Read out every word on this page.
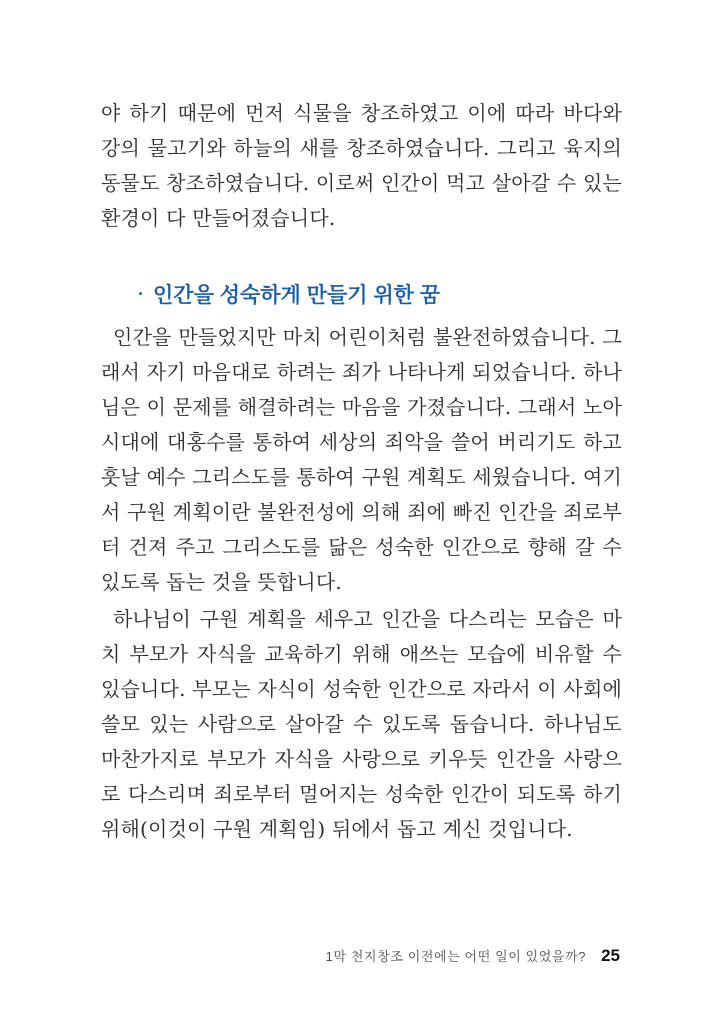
야 하기 때문에 먼저 식물을 창조하였고 이에 따라 바다와 강의 물고기와 하늘의 새를 창조하였습니다. 그리고 육지의 동물도 창조하였습니다. 이로써 인간이 먹고 살아갈 수 있는 환경이 다 만들어졌습니다.

· 인간을 성숙하게 만들기 위한 꿈

인간을 만들었지만 마치 어린이처럼 불완전하였습니다. 그래서 자기 마음대로 하려는 죄가 나타나게 되었습니다. 하나님은 이 문제를 해결하려는 마음을 가졌습니다. 그래서 노아 시대에 대홍수를 통하여 세상의 죄악을 쓸어 버리기도 하고 훗날 예수 그리스도를 통하여 구원 계획도 세웠습니다. 여기서 구원 계획이란 불완전성에 의해 죄에 빠진 인간을 죄로부터 건져 주고 그리스도를 닮은 성숙한 인간으로 향해 갈 수 있도록 돕는 것을 뜻합니다.

하나님이 구원 계획을 세우고 인간을 다스리는 모습은 마치 부모가 자식을 교육하기 위해 애쓰는 모습에 비유할 수 있습니다. 부모는 자식이 성숙한 인간으로 자라서 이 사회에 쓸모 있는 사람으로 살아갈 수 있도록 돕습니다. 하나님도 마찬가지로 부모가 자식을 사랑으로 키우듯 인간을 사랑으로 다스리며 죄로부터 멀어지는 성숙한 인간이 되도록 하기 위해(이것이 구원 계획임) 뒤에서 돕고 계신 것입니다.

1막 천지창조 이전에는 어떤 일이 있었을까? 25
